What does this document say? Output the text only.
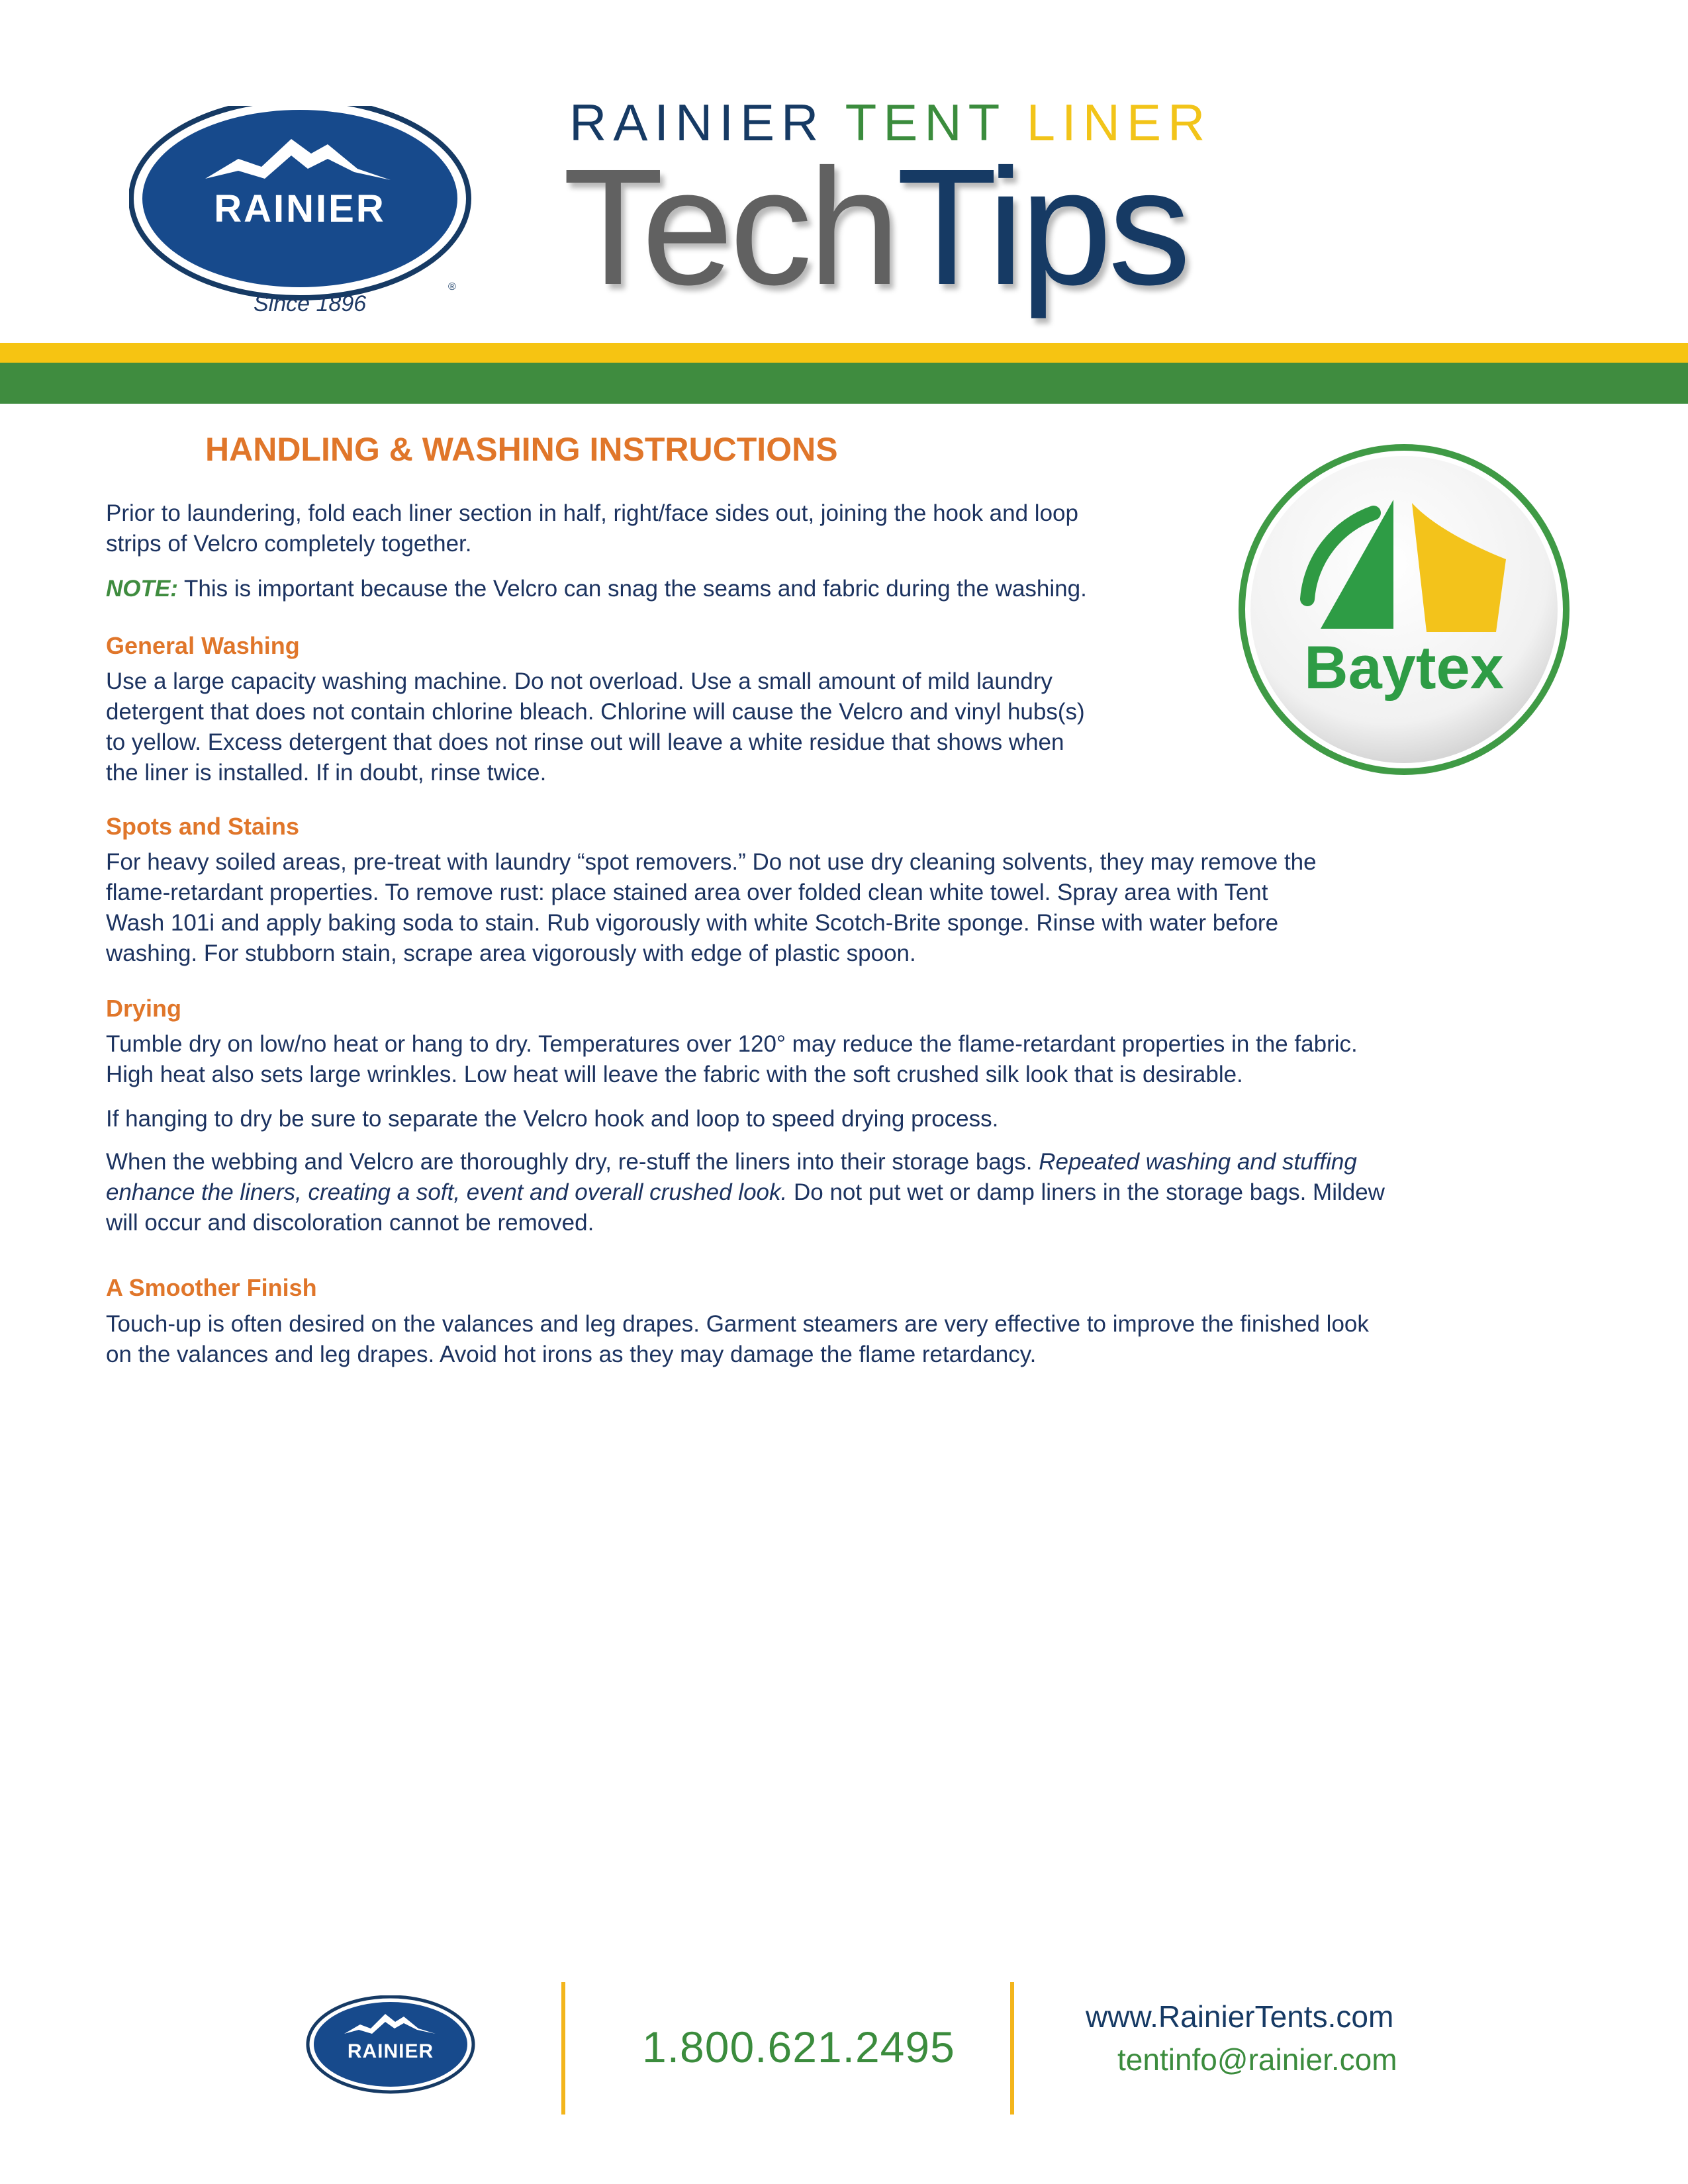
RAINIER
®
Since 1896
RAINIER TENT LINER
TechTips
Baytex
HANDLING & WASHING INSTRUCTIONS
Prior to laundering, fold each liner section in half, right/face sides out, joining the hook and loop
strips of Velcro completely together.
NOTE: This is important because the Velcro can snag the seams and fabric during the washing.
General Washing
Use a large capacity washing machine. Do not overload. Use a small amount of mild laundry
detergent that does not contain chlorine bleach. Chlorine will cause the Velcro and vinyl hubs(s)
to yellow. Excess detergent that does not rinse out will leave a white residue that shows when
the liner is installed. If in doubt, rinse twice.
Spots and Stains
For heavy soiled areas, pre-treat with laundry “spot removers.” Do not use dry cleaning solvents, they may remove the
flame-retardant properties. To remove rust: place stained area over folded clean white towel. Spray area with Tent
Wash 101i and apply baking soda to stain. Rub vigorously with white Scotch-Brite sponge. Rinse with water before
washing. For stubborn stain, scrape area vigorously with edge of plastic spoon.
Drying
Tumble dry on low/no heat or hang to dry. Temperatures over 120° may reduce the flame-retardant properties in the fabric.
High heat also sets large wrinkles. Low heat will leave the fabric with the soft crushed silk look that is desirable.
If hanging to dry be sure to separate the Velcro hook and loop to speed drying process.
When the webbing and Velcro are thoroughly dry, re-stuff the liners into their storage bags. Repeated washing and stuffing
enhance the liners, creating a soft, event and overall crushed look. Do not put wet or damp liners in the storage bags. Mildew
will occur and discoloration cannot be removed.
A Smoother Finish
Touch-up is often desired on the valances and leg drapes. Garment steamers are very effective to improve the finished look
on the valances and leg drapes. Avoid hot irons as they may damage the flame retardancy.
RAINIER	1.800.621.2495
www.RainierTents.com
tentinfo@rainier.com
